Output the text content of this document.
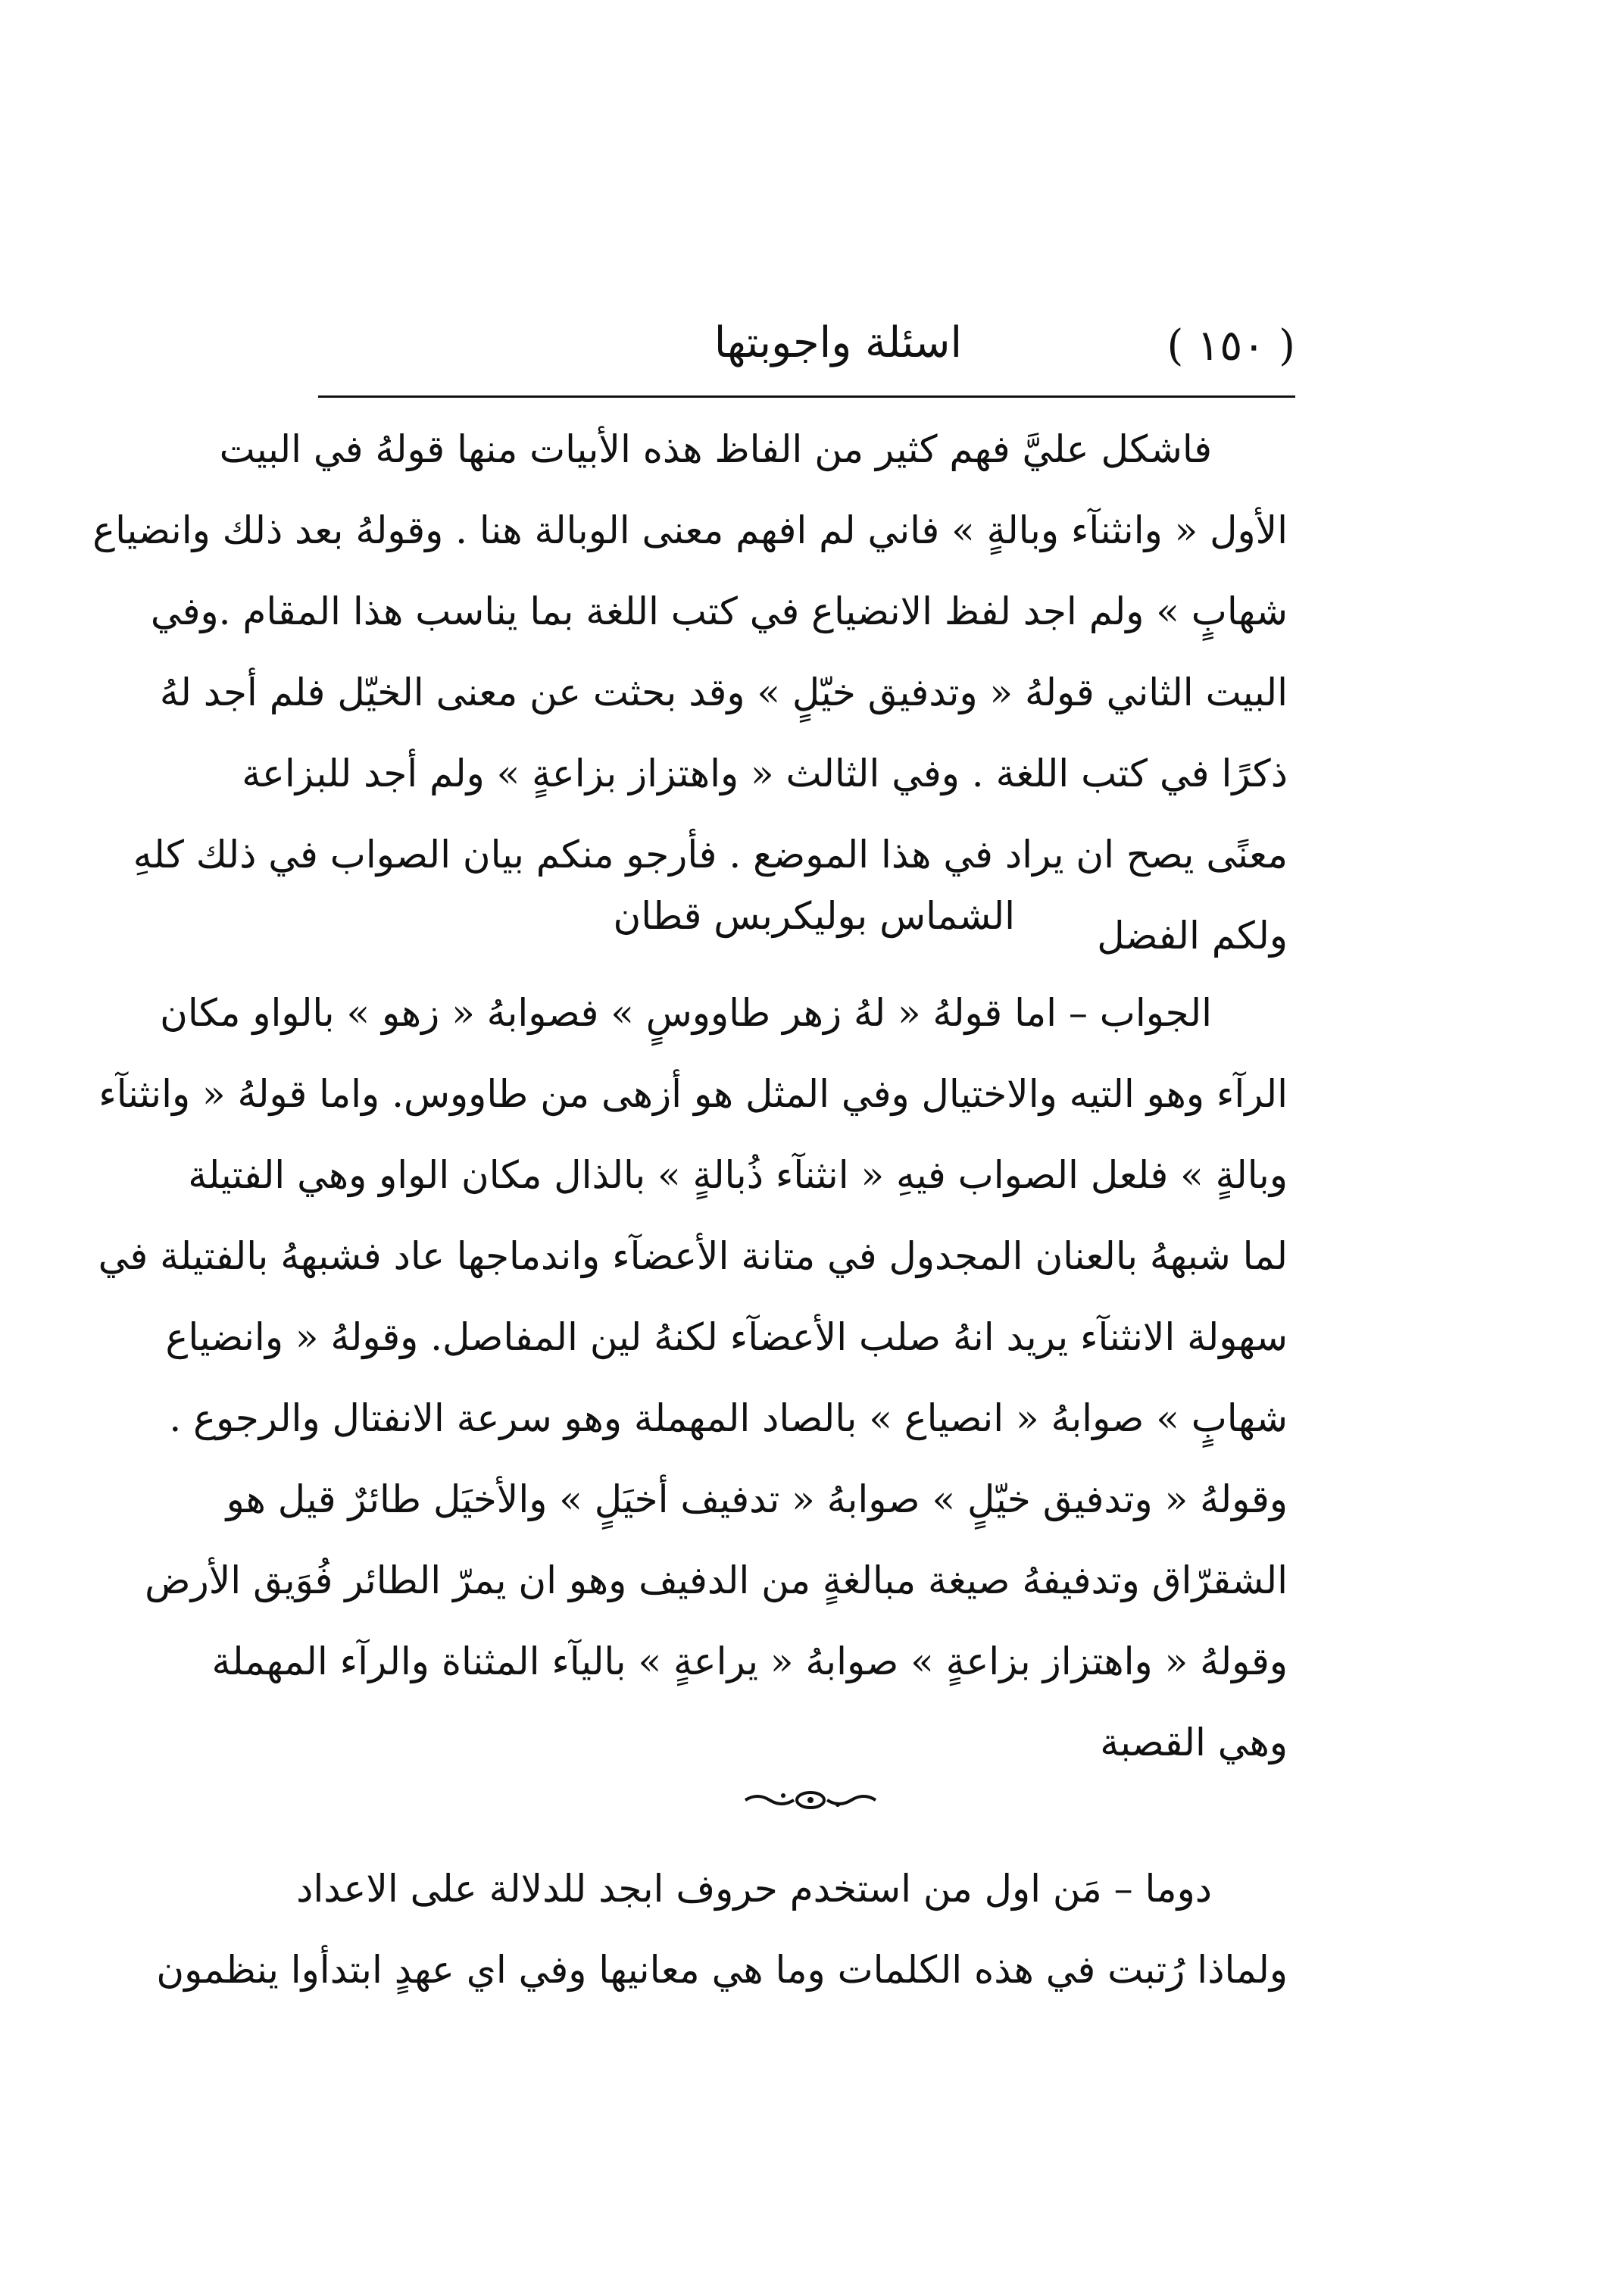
( ١٥٠ )
اسئلة واجوبتها
فاشكل عليَّ فهم كثير من الفاظ هذه الأبيات منها قولهُ في البيت
الأول « وانثنآء وبالةٍ » فاني لم افهم معنى الوبالة هنا . وقولهُ بعد ذلك وانضياع
شهابٍ » ولم اجد لفظ الانضياع في كتب اللغة بما يناسب هذا المقام .وفي
البيت الثاني قولهُ « وتدفيق خيّلٍ » وقد بحثت عن معنى الخيّل فلم أجد لهُ
ذكرًا في كتب اللغة . وفي الثالث « واهتزاز بزاعةٍ » ولم أجد للبزاعة
معنًى يصح ان يراد في هذا الموضع . فأرجو منكم بيان الصواب في ذلك كلهِ
ولكم الفضل
الشماس بوليكربس قطان
الجواب – اما قولهُ « لهُ زهر طاووسٍ » فصوابهُ « زهو » بالواو مكان
الرآء وهو التيه والاختيال وفي المثل هو أزهى من طاووس. واما قولهُ « وانثنآء
وبالةٍ » فلعل الصواب فيهِ « انثنآء ذُبالةٍ » بالذال مكان الواو وهي الفتيلة
لما شبههُ بالعنان المجدول في متانة الأعضآء واندماجها عاد فشبههُ بالفتيلة في
سهولة الانثنآء يريد انهُ صلب الأعضآء لكنهُ لين المفاصل. وقولهُ « وانضياع
شهابٍ » صوابهُ « انصياع » بالصاد المهملة وهو سرعة الانفتال والرجوع .
وقولهُ « وتدفيق خيّلٍ » صوابهُ « تدفيف أخيَلٍ » والأخيَل طائرٌ قيل هو
الشقرّاق وتدفيفهُ صيغة مبالغةٍ من الدفيف وهو ان يمرّ الطائر فُوَيق الأرض
وقولهُ « واهتزاز بزاعةٍ » صوابهُ « يراعةٍ » باليآء المثناة والرآء المهملة
وهي القصبة
دوما – مَن اول من استخدم حروف ابجد للدلالة على الاعداد
ولماذا رُتبت في هذه الكلمات وما هي معانيها وفي اي عهدٍ ابتدأوا ينظمون
